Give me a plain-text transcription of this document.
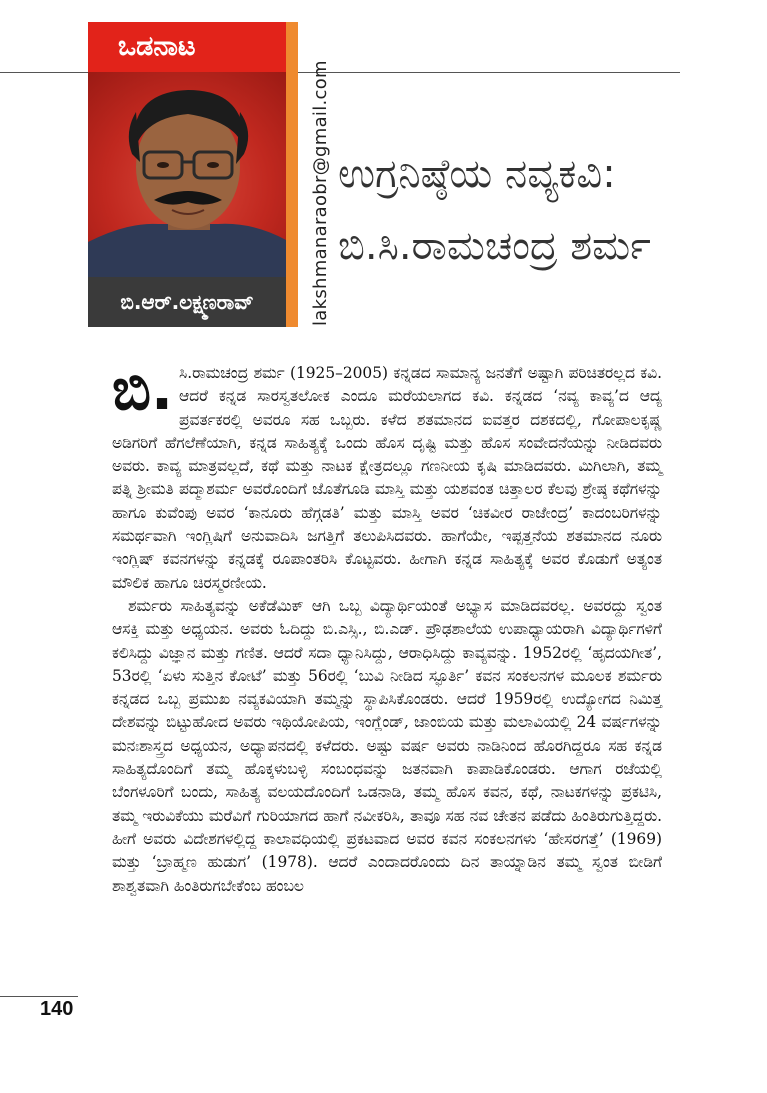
ಒಡನಾಟ
ಬಿ.ಆರ್.ಲಕ್ಷ್ಮಣರಾವ್	lakshmanaraobr@gmail.com ಉಗ್ರನಿಷ್ಠೆಯ ನವ್ಯಕವಿ:
ಬಿ.ಸಿ.ರಾಮಚಂದ್ರ ಶರ್ಮ

ಬಿ. ಸಿ.ರಾಮಚಂದ್ರ ಶರ್ಮ (1925–2005) ಕನ್ನಡದ ಸಾಮಾನ್ಯ ಜನತೆಗೆ ಅಷ್ಟಾಗಿ ಪರಿಚಿತರಲ್ಲದ ಕವಿ. ಆದರೆ ಕನ್ನಡ ಸಾರಸ್ವತಲೋಕ ಎಂದೂ ಮರೆಯಲಾಗದ ಕವಿ. ಕನ್ನಡದ ‘ನವ್ಯ ಕಾವ್ಯ’ದ ಆದ್ಯ ಪ್ರವರ್ತಕರಲ್ಲಿ ಅವರೂ ಸಹ ಒಬ್ಬರು. ಕಳೆದ ಶತಮಾನದ ಐವತ್ತರ ದಶಕದಲ್ಲಿ, ಗೋಪಾಲಕೃಷ್ಣ ಅಡಿಗರಿಗೆ ಹೆಗಲೆಣೆಯಾಗಿ, ಕನ್ನಡ ಸಾಹಿತ್ಯಕ್ಕೆ ಒಂದು ಹೊಸ ದೃಷ್ಟಿ ಮತ್ತು ಹೊಸ ಸಂವೇದನೆಯನ್ನು ನೀಡಿದವರು ಅವರು. ಕಾವ್ಯ ಮಾತ್ರವಲ್ಲದೆ, ಕಥೆ ಮತ್ತು ನಾಟಕ ಕ್ಷೇತ್ರದಲ್ಲೂ ಗಣನೀಯ ಕೃಷಿ ಮಾಡಿದವರು. ಮಿಗಿಲಾಗಿ, ತಮ್ಮ ಪತ್ನಿ ಶ್ರೀಮತಿ ಪದ್ಮಾಶರ್ಮ ಅವರೊಂದಿಗೆ ಜೊತೆಗೂಡಿ ಮಾಸ್ತಿ ಮತ್ತು ಯಶವಂತ ಚಿತ್ತಾಲರ ಕೆಲವು ಶ್ರೇಷ್ಠ ಕಥೆಗಳನ್ನು ಹಾಗೂ ಕುವೆಂಪು ಅವರ ‘ಕಾನೂರು ಹೆಗ್ಗಡತಿ’ ಮತ್ತು ಮಾಸ್ತಿ ಅವರ ‘ಚಿಕವೀರ ರಾಜೇಂದ್ರ’ ಕಾದಂಬರಿಗಳನ್ನು ಸಮರ್ಥವಾಗಿ ಇಂಗ್ಲಿಷಿಗೆ ಅನುವಾದಿಸಿ ಜಗತ್ತಿಗೆ ತಲುಪಿಸಿದವರು. ಹಾಗೆಯೇ, ಇಪ್ಪತ್ತನೆಯ ಶತಮಾನದ ನೂರು ಇಂಗ್ಲಿಷ್ ಕವನಗಳನ್ನು ಕನ್ನಡಕ್ಕೆ ರೂಪಾಂತರಿಸಿ ಕೊಟ್ಟವರು. ಹೀಗಾಗಿ ಕನ್ನಡ ಸಾಹಿತ್ಯಕ್ಕೆ ಅವರ ಕೊಡುಗೆ ಅತ್ಯಂತ ಮೌಲಿಕ ಹಾಗೂ ಚಿರಸ್ಮರಣೀಯ.

ಶರ್ಮರು ಸಾಹಿತ್ಯವನ್ನು ಅಕೆಡೆಮಿಕ್ ಆಗಿ ಒಬ್ಬ ವಿದ್ಯಾರ್ಥಿಯಂತೆ ಅಭ್ಯಾಸ ಮಾಡಿದವರಲ್ಲ. ಅವರದ್ದು ಸ್ವಂತ ಆಸಕ್ತಿ ಮತ್ತು ಅಧ್ಯಯನ. ಅವರು ಓದಿದ್ದು ಬಿ.ಎಸ್ಸಿ., ಬಿ.ಎಡ್. ಪ್ರೌಢಶಾಲೆಯ ಉಪಾಧ್ಯಾಯರಾಗಿ ವಿದ್ಯಾರ್ಥಿಗಳಿಗೆ ಕಲಿಸಿದ್ದು ವಿಜ್ಞಾನ ಮತ್ತು ಗಣಿತ. ಆದರೆ ಸದಾ ಧ್ಯಾನಿಸಿದ್ದು, ಆರಾಧಿಸಿದ್ದು ಕಾವ್ಯವನ್ನು. 1952ರಲ್ಲಿ ‘ಹೃದಯಗೀತ’, 53ರಲ್ಲಿ ‘ಏಳು ಸುತ್ತಿನ ಕೋಟೆ’ ಮತ್ತು 56ರಲ್ಲಿ ‘ಬುವಿ ನೀಡಿದ ಸ್ಫೂರ್ತಿ’ ಕವನ ಸಂಕಲನಗಳ ಮೂಲಕ ಶರ್ಮರು ಕನ್ನಡದ ಒಬ್ಬ ಪ್ರಮುಖ ನವ್ಯಕವಿಯಾಗಿ ತಮ್ಮನ್ನು ಸ್ಥಾಪಿಸಿಕೊಂಡರು. ಆದರೆ 1959ರಲ್ಲಿ ಉದ್ಯೋಗದ ನಿಮಿತ್ತ ದೇಶವನ್ನು ಬಿಟ್ಟುಹೋದ ಅವರು ಇಥಿಯೋಪಿಯ, ಇಂಗ್ಲೆಂಡ್, ಜಾಂಬಿಯ ಮತ್ತು ಮಲಾವಿಯಲ್ಲಿ 24 ವರ್ಷಗಳನ್ನು ಮನಃಶಾಸ್ತ್ರದ ಅಧ್ಯಯನ, ಅಧ್ಯಾಪನದಲ್ಲಿ ಕಳೆದರು. ಅಷ್ಟು ವರ್ಷ ಅವರು ನಾಡಿನಿಂದ ಹೊರಗಿದ್ದರೂ ಸಹ ಕನ್ನಡ ಸಾಹಿತ್ಯದೊಂದಿಗೆ ತಮ್ಮ ಹೊಕ್ಕಳುಬಳ್ಳಿ ಸಂಬಂಧವನ್ನು ಜತನವಾಗಿ ಕಾಪಾಡಿಕೊಂಡರು. ಆಗಾಗ ರಜೆಯಲ್ಲಿ ಬೆಂಗಳೂರಿಗೆ ಬಂದು, ಸಾಹಿತ್ಯ ವಲಯದೊಂದಿಗೆ ಒಡನಾಡಿ, ತಮ್ಮ ಹೊಸ ಕವನ, ಕಥೆ, ನಾಟಕಗಳನ್ನು ಪ್ರಕಟಿಸಿ, ತಮ್ಮ ಇರುವಿಕೆಯು ಮರೆವಿಗೆ ಗುರಿಯಾಗದ ಹಾಗೆ ನವೀಕರಿಸಿ, ತಾವೂ ಸಹ ನವ ಚೇತನ ಪಡೆದು ಹಿಂತಿರುಗುತ್ತಿದ್ದರು. ಹೀಗೆ ಅವರು ವಿದೇಶಗಳಲ್ಲಿದ್ದ ಕಾಲಾವಧಿಯಲ್ಲಿ ಪ್ರಕಟವಾದ ಅವರ ಕವನ ಸಂಕಲನಗಳು ‘ಹೇಸರಗತ್ತೆ’ (1969) ಮತ್ತು ‘ಬ್ರಾಹ್ಮಣ ಹುಡುಗ’ (1978). ಆದರೆ ಎಂದಾದರೊಂದು ದಿನ ತಾಯ್ನಾಡಿನ ತಮ್ಮ ಸ್ವಂತ ಬೀಡಿಗೆ ಶಾಶ್ವತವಾಗಿ ಹಿಂತಿರುಗಬೇಕೆಂಬ ಹಂಬಲ

140
